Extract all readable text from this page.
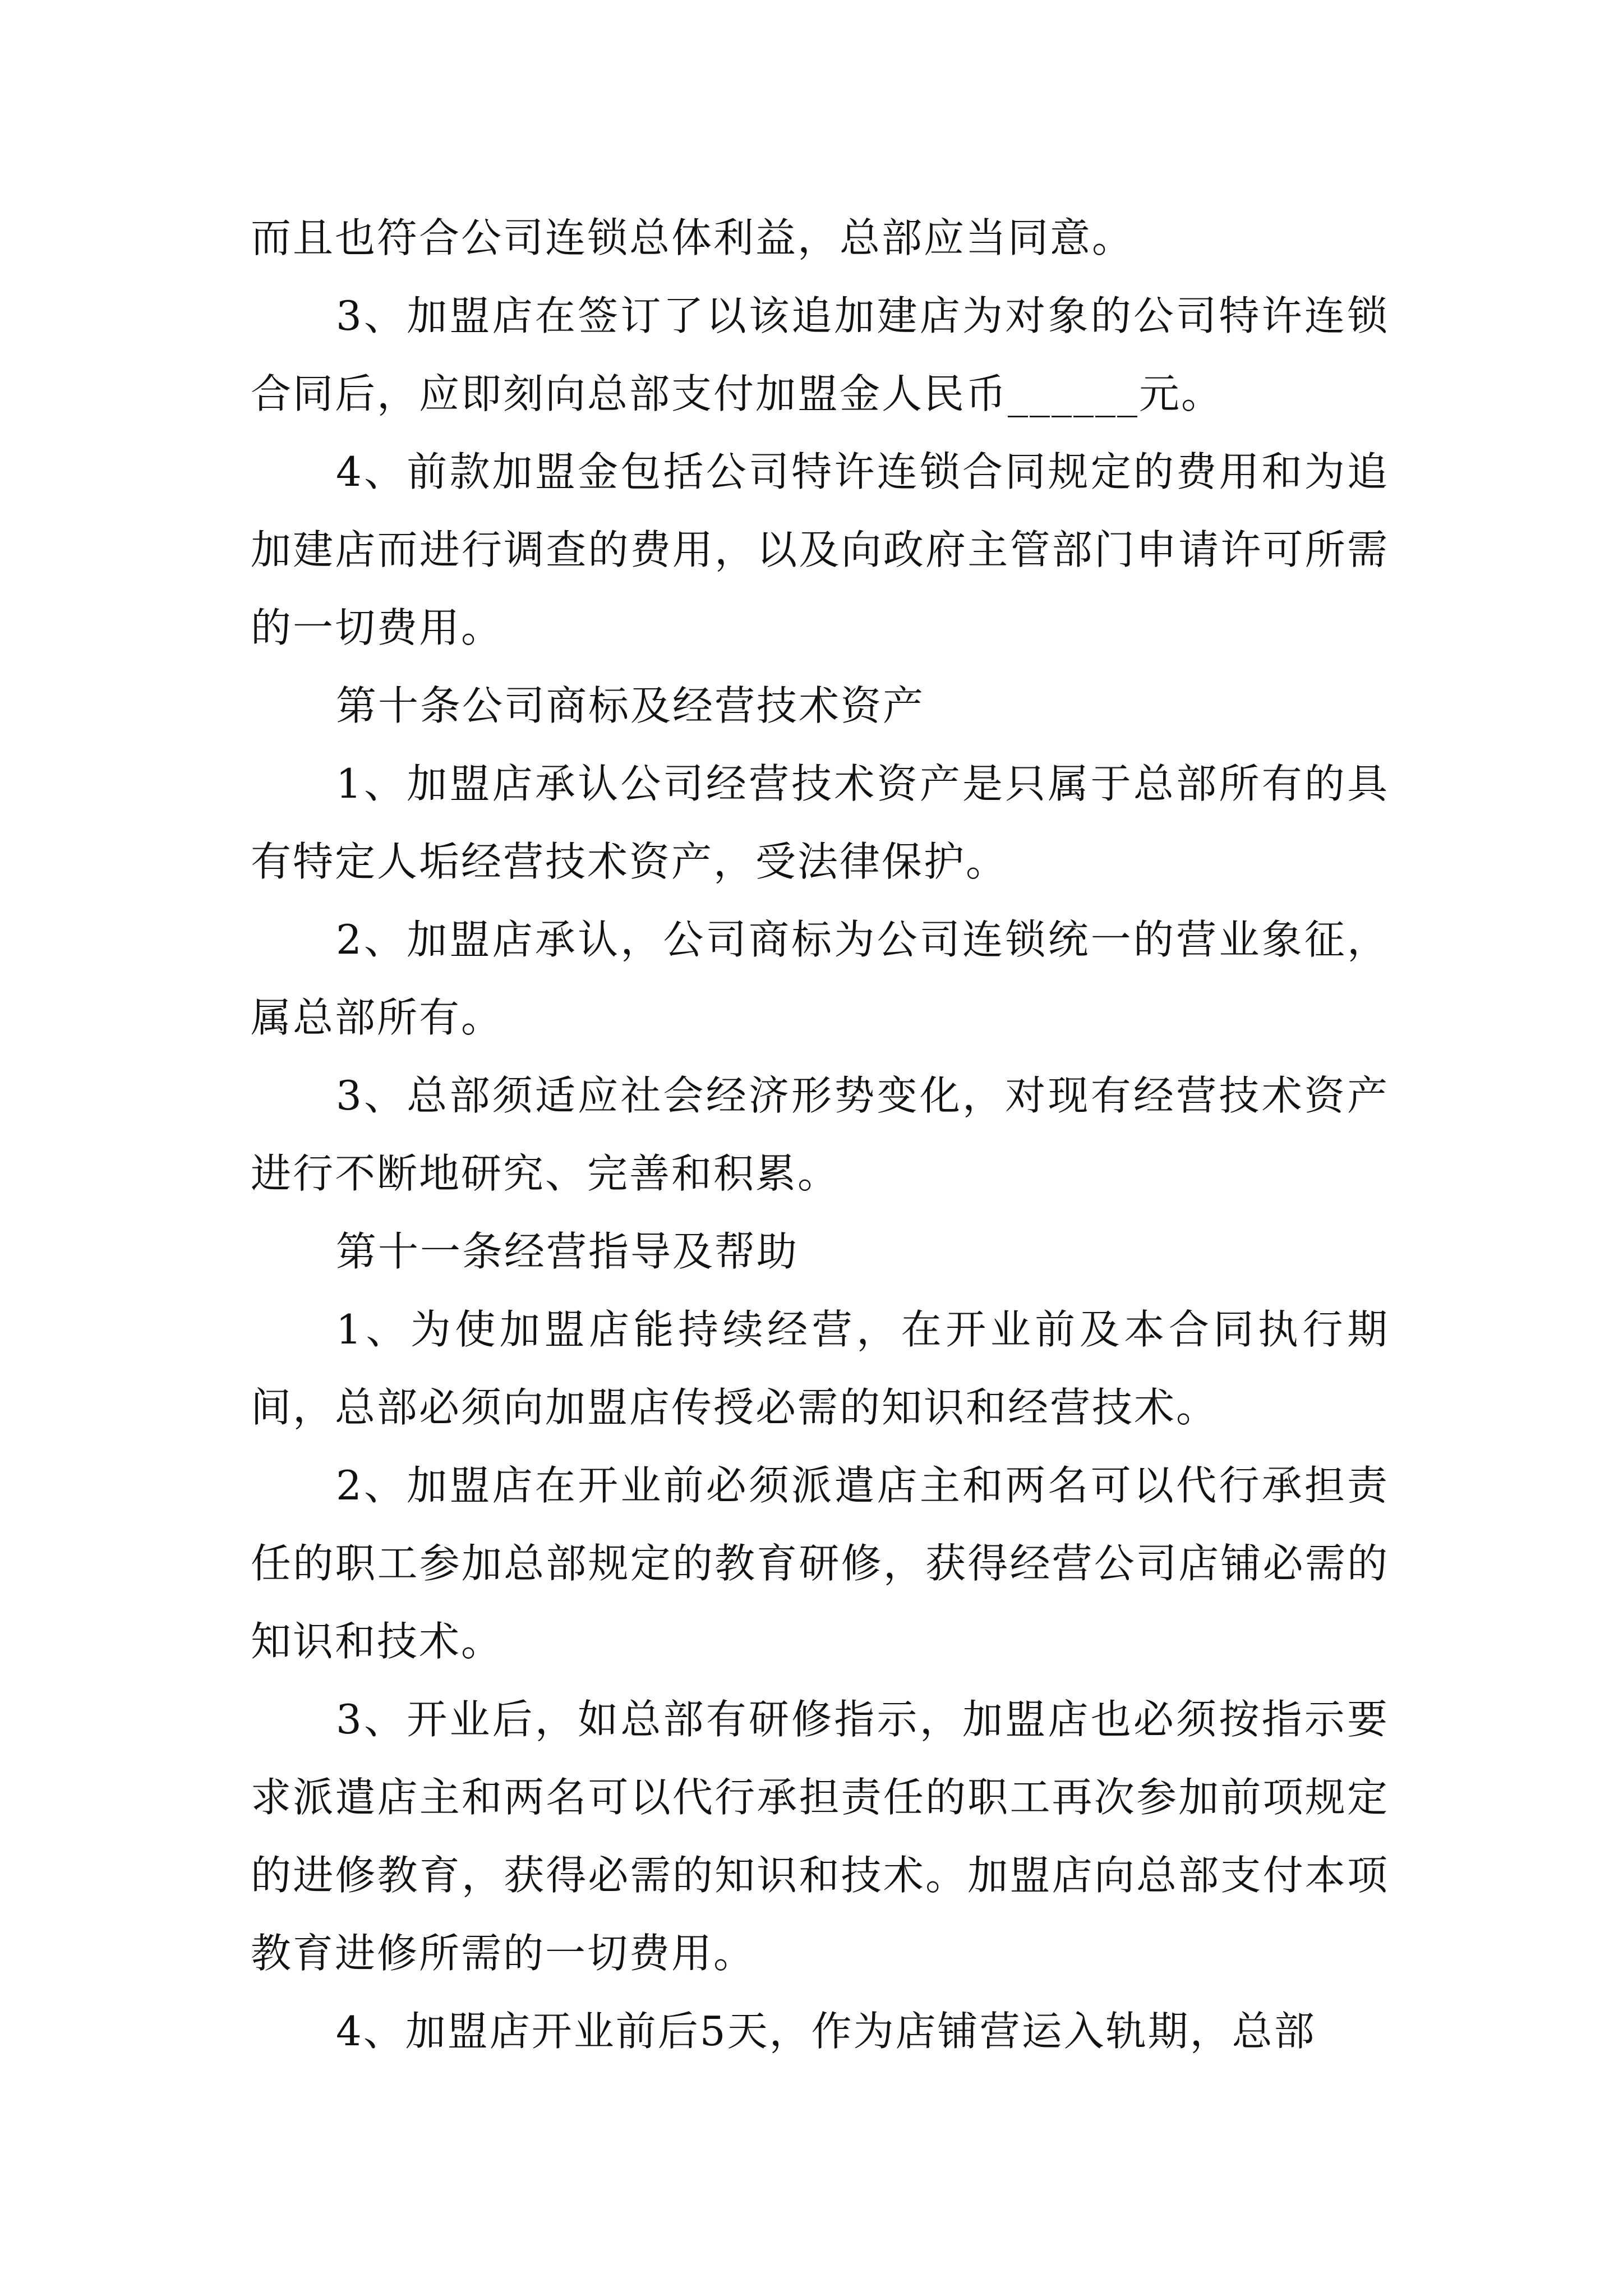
而且也符合公司连锁总体利益，总部应当同意。

3、加盟店在签订了以该追加建店为对象的公司特许连锁合同后，应即刻向总部支付加盟金人民币______元。

4、前款加盟金包括公司特许连锁合同规定的费用和为追加建店而进行调查的费用，以及向政府主管部门申请许可所需的一切费用。

第十条公司商标及经营技术资产

1、加盟店承认公司经营技术资产是只属于总部所有的具有特定人垢经营技术资产，受法律保护。

2、加盟店承认，公司商标为公司连锁统一的营业象征，属总部所有。

3、总部须适应社会经济形势变化，对现有经营技术资产进行不断地研究、完善和积累。

第十一条经营指导及帮助

1、为使加盟店能持续经营，在开业前及本合同执行期间，总部必须向加盟店传授必需的知识和经营技术。

2、加盟店在开业前必须派遣店主和两名可以代行承担责任的职工参加总部规定的教育研修，获得经营公司店铺必需的知识和技术。

3、开业后，如总部有研修指示，加盟店也必须按指示要求派遣店主和两名可以代行承担责任的职工再次参加前项规定的进修教育，获得必需的知识和技术。加盟店向总部支付本项教育进修所需的一切费用。

4、加盟店开业前后5天，作为店铺营运入轨期，总部
